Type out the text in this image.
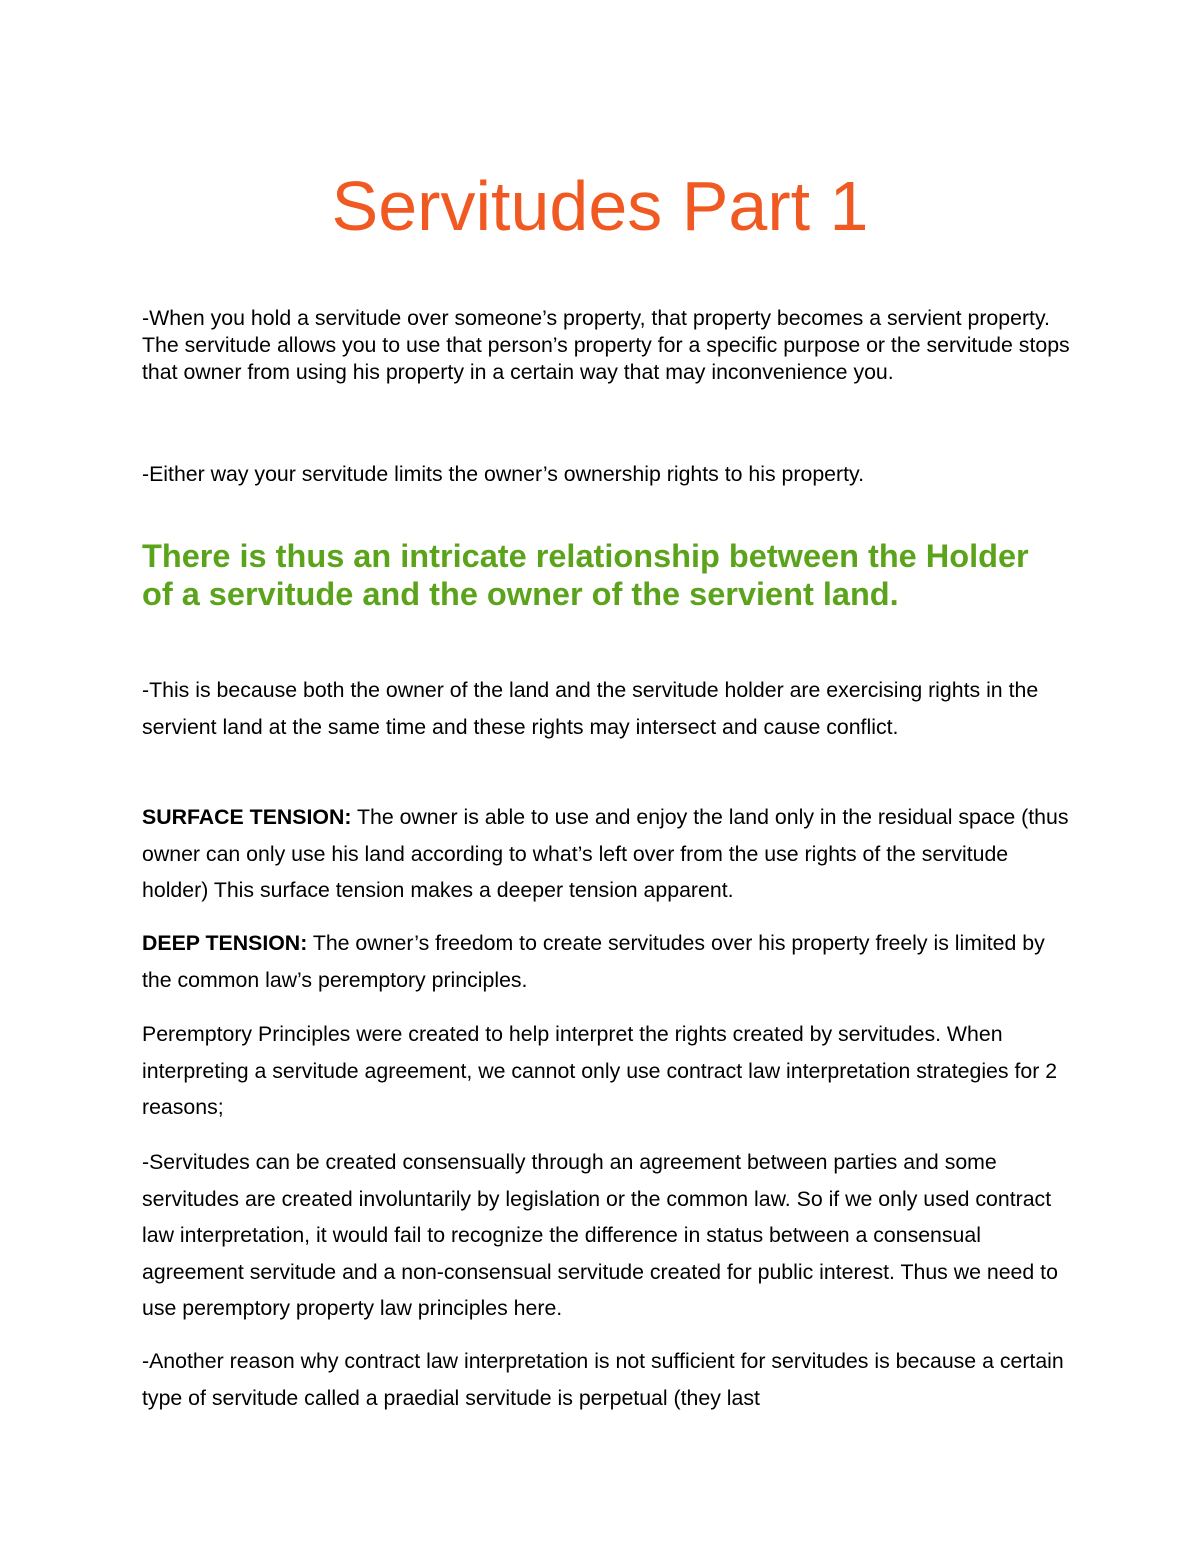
Servitudes Part 1

-When you hold a servitude over someone’s property, that property becomes a servient property. The servitude allows you to use that person’s property for a specific purpose or the servitude stops that owner from using his property in a certain way that may inconvenience you.

-Either way your servitude limits the owner’s ownership rights to his property.

There is thus an intricate relationship between the Holder of a servitude and the owner of the servient land.

-This is because both the owner of the land and the servitude holder are exercising rights in the servient land at the same time and these rights may intersect and cause conflict.

SURFACE TENSION: The owner is able to use and enjoy the land only in the residual space (thus owner can only use his land according to what’s left over from the use rights of the servitude holder) This surface tension makes a deeper tension apparent.

DEEP TENSION: The owner’s freedom to create servitudes over his property freely is limited by the common law’s peremptory principles.

Peremptory Principles were created to help interpret the rights created by servitudes. When interpreting a servitude agreement, we cannot only use contract law interpretation strategies for 2 reasons;

-Servitudes can be created consensually through an agreement between parties and some servitudes are created involuntarily by legislation or the common law. So if we only used contract law interpretation, it would fail to recognize the difference in status between a consensual agreement servitude and a non-consensual servitude created for public interest. Thus we need to use peremptory property law principles here.

-Another reason why contract law interpretation is not sufficient for servitudes is because a certain type of servitude called a praedial servitude is perpetual (they last
